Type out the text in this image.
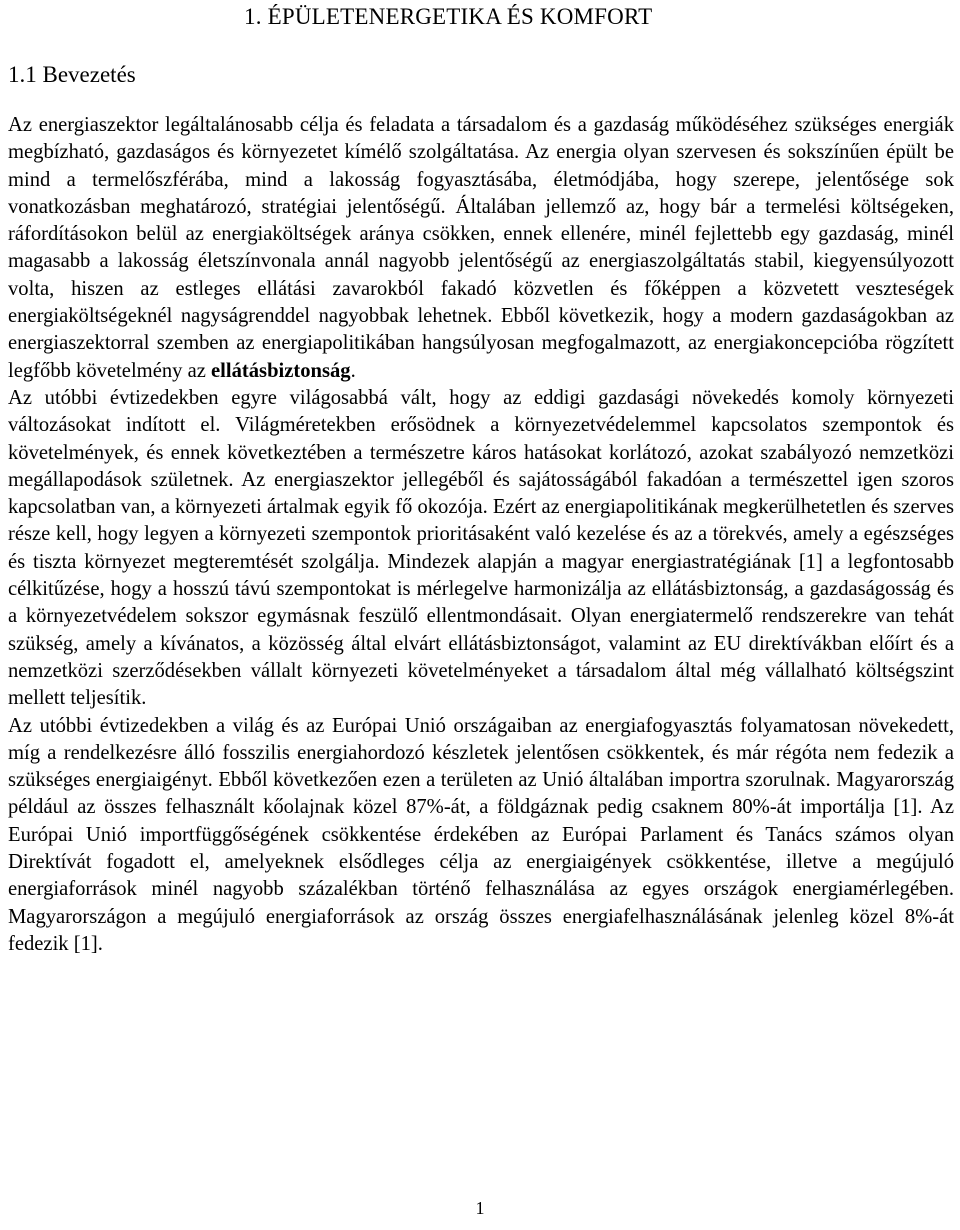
1. ÉPÜLETENERGETIKA ÉS KOMFORT
1.1 Bevezetés

Az energiaszektor legáltalánosabb célja és feladata a társadalom és a gazdaság működéséhez szükséges energiák megbízható, gazdaságos és környezetet kímélő szolgáltatása. Az energia olyan szervesen és sokszínűen épült be mind a termelőszférába, mind a lakosság fogyasztásába, életmódjába, hogy szerepe, jelentősége sok vonatkozásban meghatározó, stratégiai jelentőségű. Általában jellemző az, hogy bár a termelési költségeken, ráfordításokon belül az energiaköltségek aránya csökken, ennek ellenére, minél fejlettebb egy gazdaság, minél magasabb a lakosság életszínvonala annál nagyobb jelentőségű az energiaszolgáltatás stabil, kiegyensúlyozott volta, hiszen az estleges ellátási zavarokból fakadó közvetlen és főképpen a közvetett veszteségek energiaköltségeknél nagyságrenddel nagyobbak lehetnek. Ebből következik, hogy a modern gazdaságokban az energiaszektorral szemben az energiapolitikában hangsúlyosan megfogalmazott, az energiakoncepcióba rögzített legfőbb követelmény az ellátásbiztonság.

Az utóbbi évtizedekben egyre világosabbá vált, hogy az eddigi gazdasági növekedés komoly környezeti változásokat indított el. Világméretekben erősödnek a környezetvédelemmel kapcsolatos szempontok és követelmények, és ennek következtében a természetre káros hatásokat korlátozó, azokat szabályozó nemzetközi megállapodások születnek. Az energiaszektor jellegéből és sajátosságából fakadóan a természettel igen szoros kapcsolatban van, a környezeti ártalmak egyik fő okozója. Ezért az energiapolitikának megkerülhetetlen és szerves része kell, hogy legyen a környezeti szempontok prioritásaként való kezelése és az a törekvés, amely a egészséges és tiszta környezet megteremtését szolgálja. Mindezek alapján a magyar energiastratégiának [1] a legfontosabb célkitűzése, hogy a hosszú távú szempontokat is mérlegelve harmonizálja az ellátásbiztonság, a gazdaságosság és a környezetvédelem sokszor egymásnak feszülő ellentmondásait. Olyan energiatermelő rendszerekre van tehát szükség, amely a kívánatos, a közösség által elvárt ellátásbiztonságot, valamint az EU direktívákban előírt és a nemzetközi szerződésekben vállalt környezeti követelményeket a társadalom által még vállalható költségszint mellett teljesítik.

Az utóbbi évtizedekben a világ és az Európai Unió országaiban az energiafogyasztás folyamatosan növekedett, míg a rendelkezésre álló fosszilis energiahordozó készletek jelentősen csökkentek, és már régóta nem fedezik a szükséges energiaigényt. Ebből következően ezen a területen az Unió általában importra szorulnak. Magyarország például az összes felhasznált kőolajnak közel 87%-át, a földgáznak pedig csaknem 80%-át importálja [1]. Az Európai Unió importfüggőségének csökkentése érdekében az Európai Parlament és Tanács számos olyan Direktívát fogadott el, amelyeknek elsődleges célja az energiaigények csökkentése, illetve a megújuló energiaforrások minél nagyobb százalékban történő felhasználása az egyes országok energiamérlegében. Magyarországon a megújuló energiaforrások az ország összes energiafelhasználásának jelenleg közel 8%-át fedezik [1].

1
